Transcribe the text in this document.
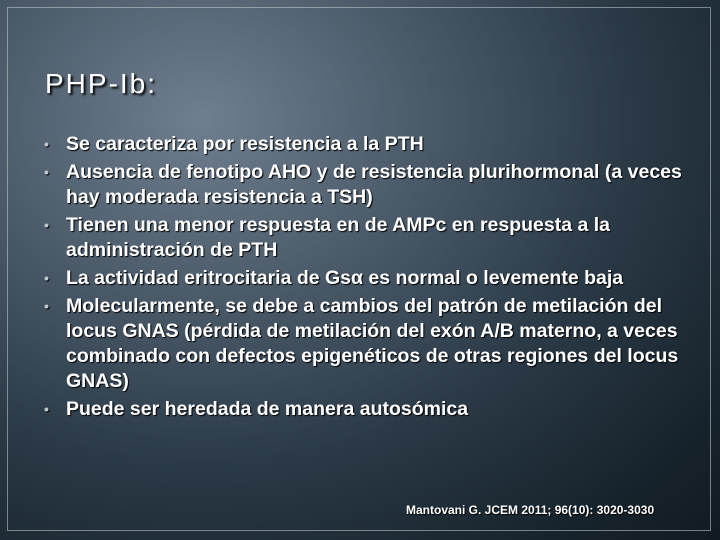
PHP-Ib:
• Se caracteriza por resistencia a la PTH
• Ausencia de fenotipo AHO y de resistencia plurihormonal (a veces hay moderada resistencia a TSH)
• Tienen una menor respuesta en de AMPc en respuesta a la administración de PTH
• La actividad eritrocitaria de Gsα es normal o levemente baja
• Molecularmente, se debe a cambios del patrón de metilación del locus GNAS (pérdida de metilación del exón A/B materno, a veces combinado con defectos epigenéticos de otras regiones del locus GNAS)
• Puede ser heredada de manera autosómica
Mantovani G. JCEM 2011; 96(10): 3020-3030
